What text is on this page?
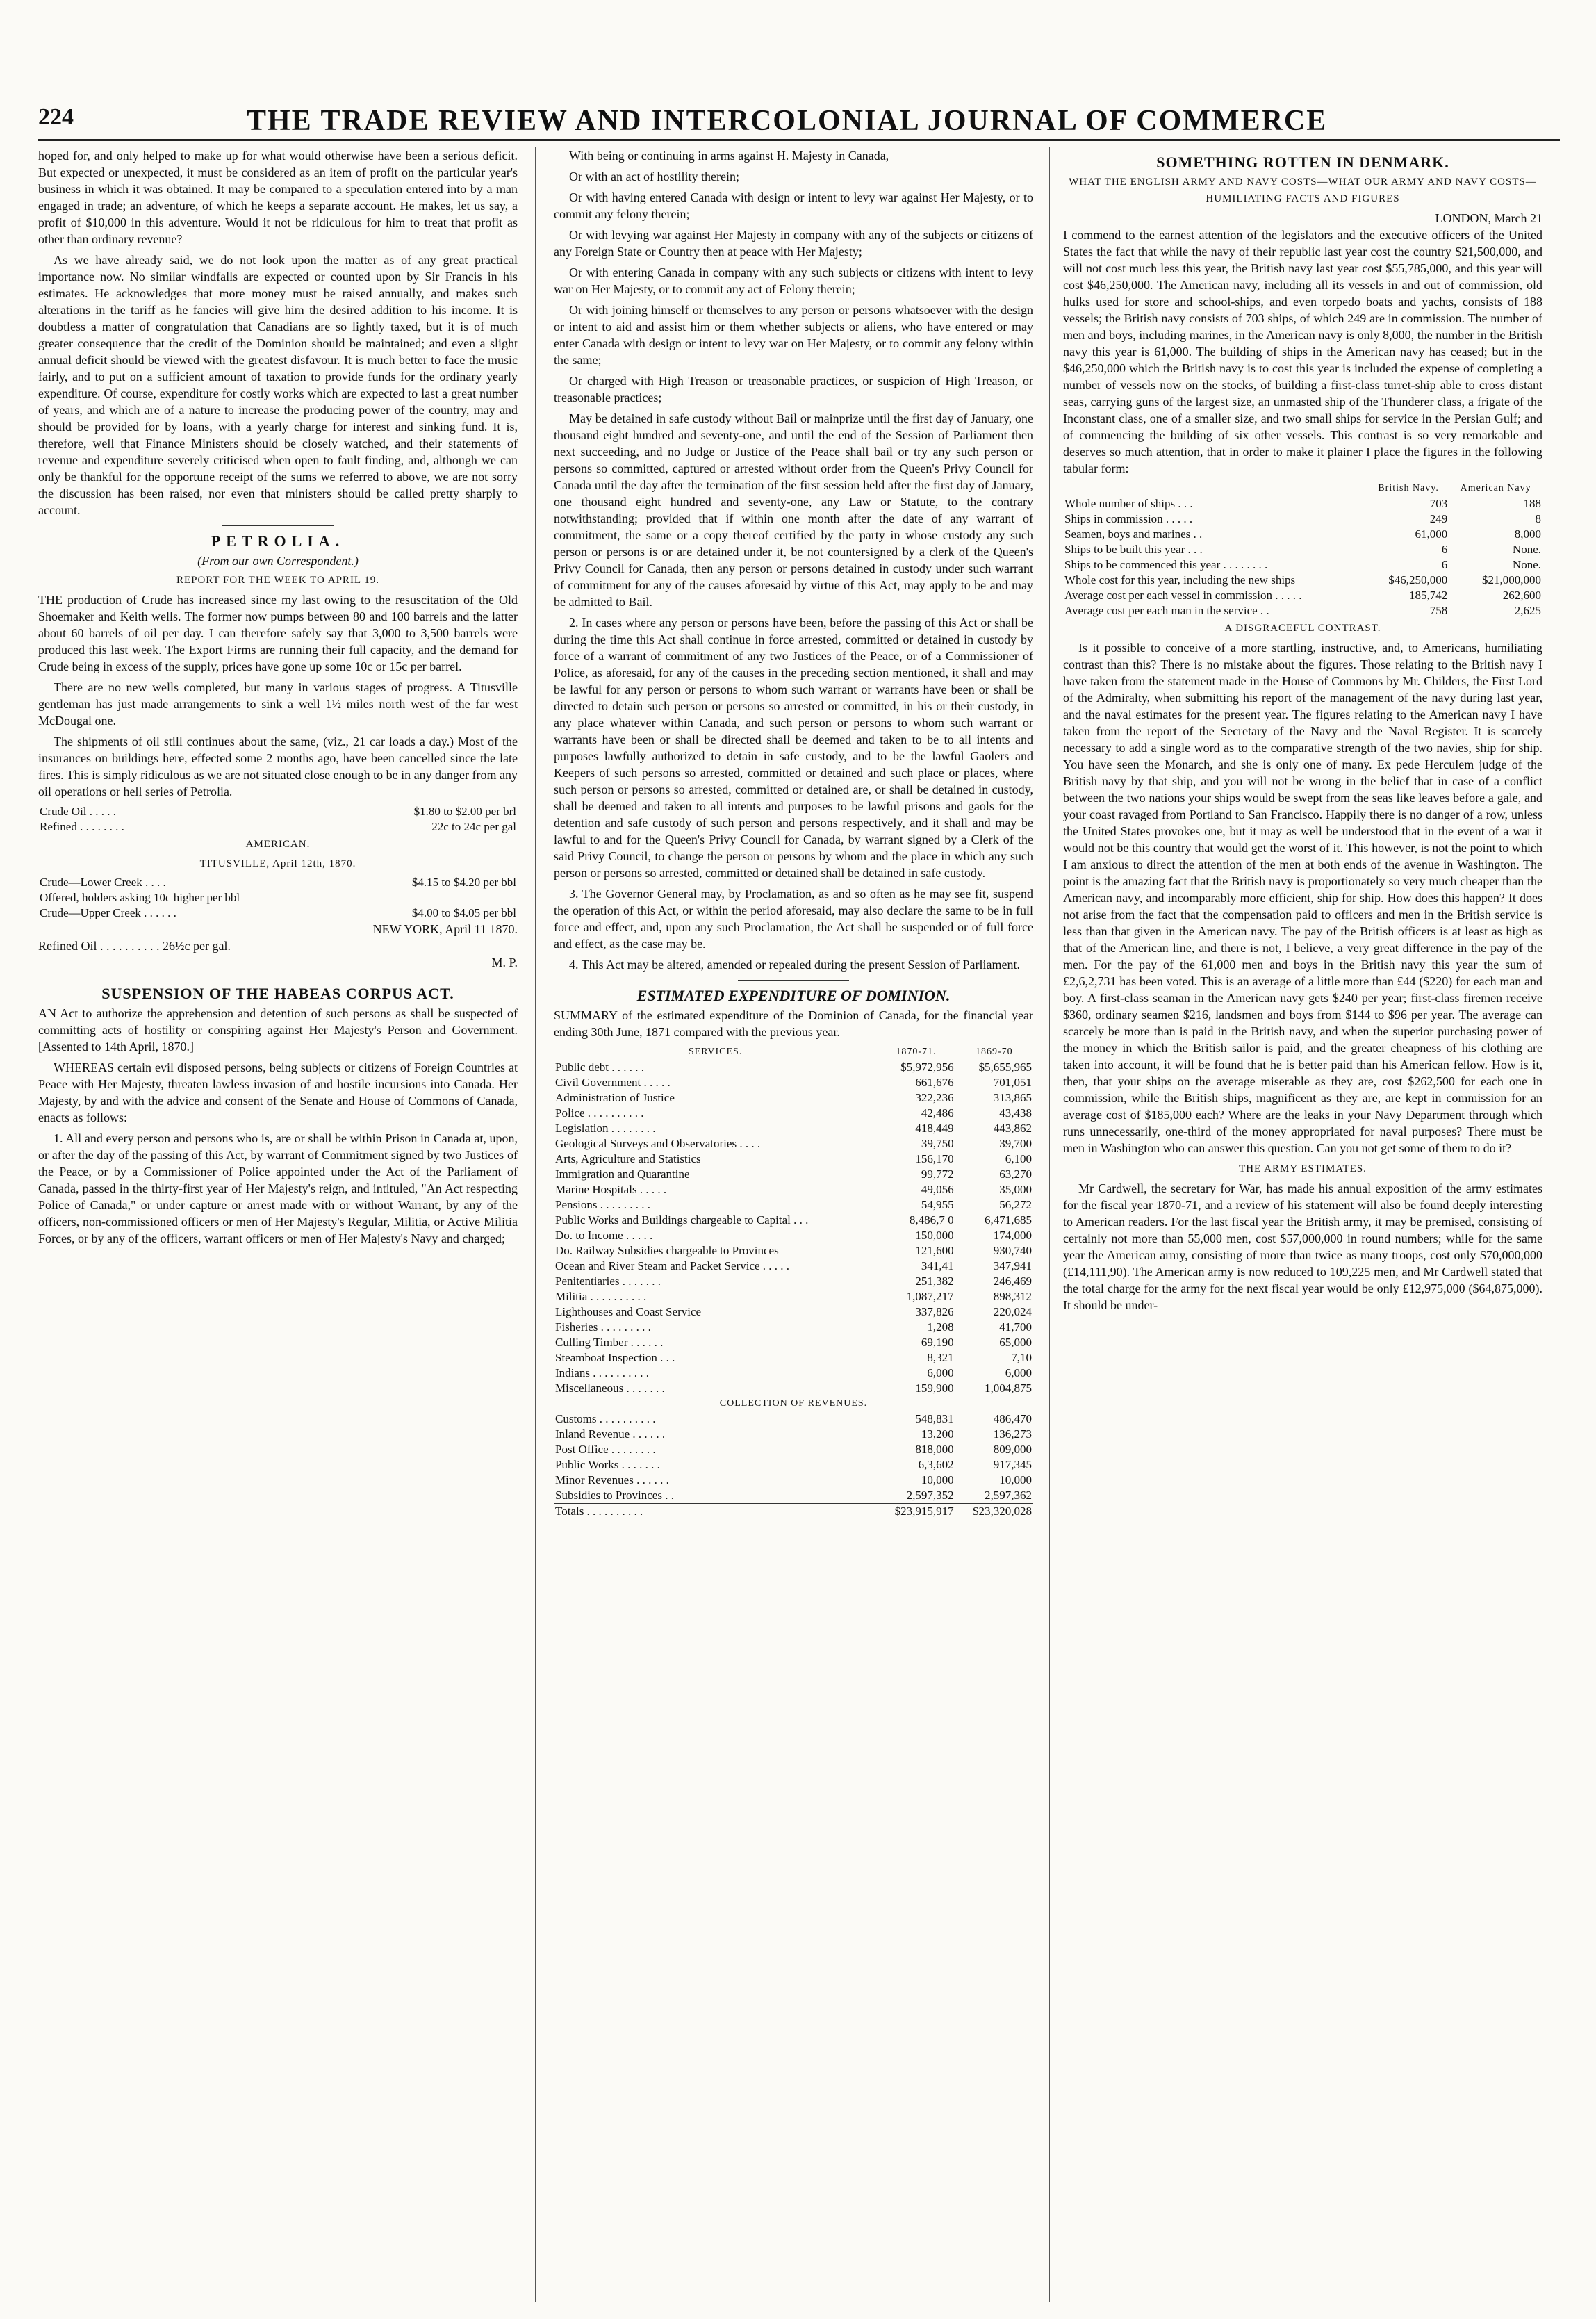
224	THE TRADE REVIEW AND INTERCOLONIAL JOURNAL OF COMMERCE

hoped for, and only helped to make up for what would otherwise have been a serious deficit. But expected or unexpected, it must be considered as an item of profit on the particular year's business in which it was obtained. It may be compared to a speculation entered into by a man engaged in trade; an adventure, of which he keeps a separate account. He makes, let us say, a profit of $10,000 in this adventure. Would it not be ridiculous for him to treat that profit as other than ordinary revenue?

As we have already said, we do not look upon the matter as of any great practical importance now. No similar windfalls are expected or counted upon by Sir Francis in his estimates. He acknowledges that more money must be raised annually, and makes such alterations in the tariff as he fancies will give him the desired addition to his income. It is doubtless a matter of congratulation that Canadians are so lightly taxed, but it is of much greater consequence that the credit of the Dominion should be maintained; and even a slight annual deficit should be viewed with the greatest disfavour. It is much better to face the music fairly, and to put on a sufficient amount of taxation to provide funds for the ordinary yearly expenditure. Of course, expenditure for costly works which are expected to last a great number of years, and which are of a nature to increase the producing power of the country, may and should be provided for by loans, with a yearly charge for interest and sinking fund. It is, therefore, well that Finance Ministers should be closely watched, and their statements of revenue and expenditure severely criticised when open to fault finding, and, although we can only be thankful for the opportune receipt of the sums we referred to above, we are not sorry the discussion has been raised, nor even that ministers should be called pretty sharply to account.

PETROLIA.
(From our own Correspondent.)
REPORT FOR THE WEEK TO APRIL 19.

THE production of Crude has increased since my last owing to the resuscitation of the Old Shoemaker and Keith wells. The former now pumps between 80 and 100 barrels and the latter about 60 barrels of oil per day. I can therefore safely say that 3,000 to 3,500 barrels were produced this last week. The Export Firms are running their full capacity, and the demand for Crude being in excess of the supply, prices have gone up some 10c or 15c per barrel.

There are no new wells completed, but many in various stages of progress. A Titusville gentleman has just made arrangements to sink a well 1½ miles north west of the far west McDougal one.

The shipments of oil still continues about the same, (viz., 21 car loads a day.) Most of the insurances on buildings here, effected some 2 months ago, have been cancelled since the late fires. This is simply ridiculous as we are not situated close enough to be in any danger from any oil operations or hell series of Petrolia.

Crude Oil . . . . .	$1.80 to $2.00 per brl
Refined . . . . . . . .	22c to 24c per gal
AMERICAN.
TITUSVILLE, April 12th, 1870.
Crude—Lower Creek . . . .	$4.15 to $4.20 per bbl
Offered, holders asking 10c higher per bbl	
Crude—Upper Creek . . . . . .	$4.00 to $4.05 per bbl
NEW YORK, April 11 1870.
Refined Oil . . . . . . . . . . 26½c per gal.
M. P.
SUSPENSION OF THE HABEAS CORPUS ACT.

AN Act to authorize the apprehension and detention of such persons as shall be suspected of committing acts of hostility or conspiring against Her Majesty's Person and Government. [Assented to 14th April, 1870.]

WHEREAS certain evil disposed persons, being subjects or citizens of Foreign Countries at Peace with Her Majesty, threaten lawless invasion of and hostile incursions into Canada. Her Majesty, by and with the advice and consent of the Senate and House of Commons of Canada, enacts as follows:

1. All and every person and persons who is, are or shall be within Prison in Canada at, upon, or after the day of the passing of this Act, by warrant of Commitment signed by two Justices of the Peace, or by a Commissioner of Police appointed under the Act of the Parliament of Canada, passed in the thirty-first year of Her Majesty's reign, and intituled, "An Act respecting Police of Canada," or under capture or arrest made with or without Warrant, by any of the officers, non-commissioned officers or men of Her Majesty's Regular, Militia, or Active Militia Forces, or by any of the officers, warrant officers or men of Her Majesty's Navy and charged;

With being or continuing in arms against H. Majesty in Canada,

Or with an act of hostility therein;

Or with having entered Canada with design or intent to levy war against Her Majesty, or to commit any felony therein;

Or with levying war against Her Majesty in company with any of the subjects or citizens of any Foreign State or Country then at peace with Her Majesty;

Or with entering Canada in company with any such subjects or citizens with intent to levy war on Her Majesty, or to commit any act of Felony therein;

Or with joining himself or themselves to any person or persons whatsoever with the design or intent to aid and assist him or them whether subjects or aliens, who have entered or may enter Canada with design or intent to levy war on Her Majesty, or to commit any felony within the same;

Or charged with High Treason or treasonable practices, or suspicion of High Treason, or treasonable practices;

May be detained in safe custody without Bail or mainprize until the first day of January, one thousand eight hundred and seventy-one, and until the end of the Session of Parliament then next succeeding, and no Judge or Justice of the Peace shall bail or try any such person or persons so committed, captured or arrested without order from the Queen's Privy Council for Canada until the day after the termination of the first session held after the first day of January, one thousand eight hundred and seventy-one, any Law or Statute, to the contrary notwithstanding; provided that if within one month after the date of any warrant of commitment, the same or a copy thereof certified by the party in whose custody any such person or persons is or are detained under it, be not countersigned by a clerk of the Queen's Privy Council for Canada, then any person or persons detained in custody under such warrant of commitment for any of the causes aforesaid by virtue of this Act, may apply to be and may be admitted to Bail.

2. In cases where any person or persons have been, before the passing of this Act or shall be during the time this Act shall continue in force arrested, committed or detained in custody by force of a warrant of commitment of any two Justices of the Peace, or of a Commissioner of Police, as aforesaid, for any of the causes in the preceding section mentioned, it shall and may be lawful for any person or persons to whom such warrant or warrants have been or shall be directed to detain such person or persons so arrested or committed, in his or their custody, in any place whatever within Canada, and such person or persons to whom such warrant or warrants have been or shall be directed shall be deemed and taken to be to all intents and purposes lawfully authorized to detain in safe custody, and to be the lawful Gaolers and Keepers of such persons so arrested, committed or detained and such place or places, where such person or persons so arrested, committed or detained are, or shall be detained in custody, shall be deemed and taken to all intents and purposes to be lawful prisons and gaols for the detention and safe custody of such person and persons respectively, and it shall and may be lawful to and for the Queen's Privy Council for Canada, by warrant signed by a Clerk of the said Privy Council, to change the person or persons by whom and the place in which any such person or persons so arrested, committed or detained shall be detained in safe custody.

3. The Governor General may, by Proclamation, as and so often as he may see fit, suspend the operation of this Act, or within the period aforesaid, may also declare the same to be in full force and effect, and, upon any such Proclamation, the Act shall be suspended or of full force and effect, as the case may be.

4. This Act may be altered, amended or repealed during the present Session of Parliament.

ESTIMATED EXPENDITURE OF DOMINION.

SUMMARY of the estimated expenditure of the Dominion of Canada, for the financial year ending 30th June, 1871 compared with the previous year.

SERVICES.	1870-71.	1869-70
Public debt . . . . . .	$5,972,956	$5,655,965
Civil Government . . . . .	661,676	701,051
Administration of Justice	322,236	313,865
Police . . . . . . . . . .	42,486	43,438
Legislation . . . . . . . .	418,449	443,862
Geological Surveys and Observatories . . . .	39,750	39,700
Arts, Agriculture and Statistics	156,170	6,100
Immigration and Quarantine	99,772	63,270
Marine Hospitals . . . . .	49,056	35,000
Pensions . . . . . . . . .	54,955	56,272
Public Works and Buildings chargeable to Capital . . .	8,486,7 0	6,471,685
Do. to Income . . . . .	150,000	174,000
Do. Railway Subsidies chargeable to Provinces	121,600	930,740
Ocean and River Steam and Packet Service . . . . .	341,41	347,941
Penitentiaries . . . . . . .	251,382	246,469
Militia . . . . . . . . . .	1,087,217	898,312
Lighthouses and Coast Service	337,826	220,024
Fisheries . . . . . . . . .	1,208	41,700
Culling Timber . . . . . .	69,190	65,000
Steamboat Inspection . . .	8,321	7,10
Indians . . . . . . . . . .	6,000	6,000
Miscellaneous . . . . . . .	159,900	1,004,875
COLLECTION OF REVENUES.		
Customs . . . . . . . . . .	548,831	486,470
Inland Revenue . . . . . .	13,200	136,273
Post Office . . . . . . . .	818,000	809,000
Public Works . . . . . . .	6,3,602	917,345
Minor Revenues . . . . . .	10,000	10,000
Subsidies to Provinces . .	2,597,352	2,597,362
Totals . . . . . . . . . .	$23,915,917	$23,320,028
SOMETHING ROTTEN IN DENMARK.
WHAT THE ENGLISH ARMY AND NAVY COSTS—WHAT OUR ARMY AND NAVY COSTS—HUMILIATING FACTS AND FIGURES
LONDON, March 21

I commend to the earnest attention of the legislators and the executive officers of the United States the fact that while the navy of their republic last year cost the country $21,500,000, and will not cost much less this year, the British navy last year cost $55,785,000, and this year will cost $46,250,000. The American navy, including all its vessels in and out of commission, old hulks used for store and school-ships, and even torpedo boats and yachts, consists of 188 vessels; the British navy consists of 703 ships, of which 249 are in commission. The number of men and boys, including marines, in the American navy is only 8,000, the number in the British navy this year is 61,000. The building of ships in the American navy has ceased; but in the $46,250,000 which the British navy is to cost this year is included the expense of completing a number of vessels now on the stocks, of building a first-class turret-ship able to cross distant seas, carrying guns of the largest size, an unmasted ship of the Thunderer class, a frigate of the Inconstant class, one of a smaller size, and two small ships for service in the Persian Gulf; and of commencing the building of six other vessels. This contrast is so very remarkable and deserves so much attention, that in order to make it plainer I place the figures in the following tabular form:

	British Navy.	American Navy
Whole number of ships . . .	703	188
Ships in commission . . . . .	249	8
Seamen, boys and marines . .	61,000	8,000
Ships to be built this year . . .	6	None.
Ships to be commenced this year . . . . . . . .	6	None.
Whole cost for this year, including the new ships	$46,250,000	$21,000,000
Average cost per each vessel in commission . . . . .	185,742	262,600
Average cost per each man in the service . .	758	2,625
A DISGRACEFUL CONTRAST.

Is it possible to conceive of a more startling, instructive, and, to Americans, humiliating contrast than this? There is no mistake about the figures. Those relating to the British navy I have taken from the statement made in the House of Commons by Mr. Childers, the First Lord of the Admiralty, when submitting his report of the management of the navy during last year, and the naval estimates for the present year. The figures relating to the American navy I have taken from the report of the Secretary of the Navy and the Naval Register. It is scarcely necessary to add a single word as to the comparative strength of the two navies, ship for ship. You have seen the Monarch, and she is only one of many. Ex pede Herculem judge of the British navy by that ship, and you will not be wrong in the belief that in case of a conflict between the two nations your ships would be swept from the seas like leaves before a gale, and your coast ravaged from Portland to San Francisco. Happily there is no danger of a row, unless the United States provokes one, but it may as well be understood that in the event of a war it would not be this country that would get the worst of it. This however, is not the point to which I am anxious to direct the attention of the men at both ends of the avenue in Washington. The point is the amazing fact that the British navy is proportionately so very much cheaper than the American navy, and incomparably more efficient, ship for ship. How does this happen? It does not arise from the fact that the compensation paid to officers and men in the British service is less than that given in the American navy. The pay of the British officers is at least as high as that of the American line, and there is not, I believe, a very great difference in the pay of the men. For the pay of the 61,000 men and boys in the British navy this year the sum of £2,6,2,731 has been voted. This is an average of a little more than £44 ($220) for each man and boy. A first-class seaman in the American navy gets $240 per year; first-class firemen receive $360, ordinary seamen $216, landsmen and boys from $144 to $96 per year. The average can scarcely be more than is paid in the British navy, and when the superior purchasing power of the money in which the British sailor is paid, and the greater cheapness of his clothing are taken into account, it will be found that he is better paid than his American fellow. How is it, then, that your ships on the average miserable as they are, cost $262,500 for each one in commission, while the British ships, magnificent as they are, are kept in commission for an average cost of $185,000 each? Where are the leaks in your Navy Department through which runs unnecessarily, one-third of the money appropriated for naval purposes? There must be men in Washington who can answer this question. Can you not get some of them to do it?

THE ARMY ESTIMATES.

Mr Cardwell, the secretary for War, has made his annual exposition of the army estimates for the fiscal year 1870-71, and a review of his statement will also be found deeply interesting to American readers. For the last fiscal year the British army, it may be premised, consisting of certainly not more than 55,000 men, cost $57,000,000 in round numbers; while for the same year the American army, consisting of more than twice as many troops, cost only $70,000,000 (£14,111,90). The American army is now reduced to 109,225 men, and Mr Cardwell stated that the total charge for the army for the next fiscal year would be only £12,975,000 ($64,875,000). It should be under-
